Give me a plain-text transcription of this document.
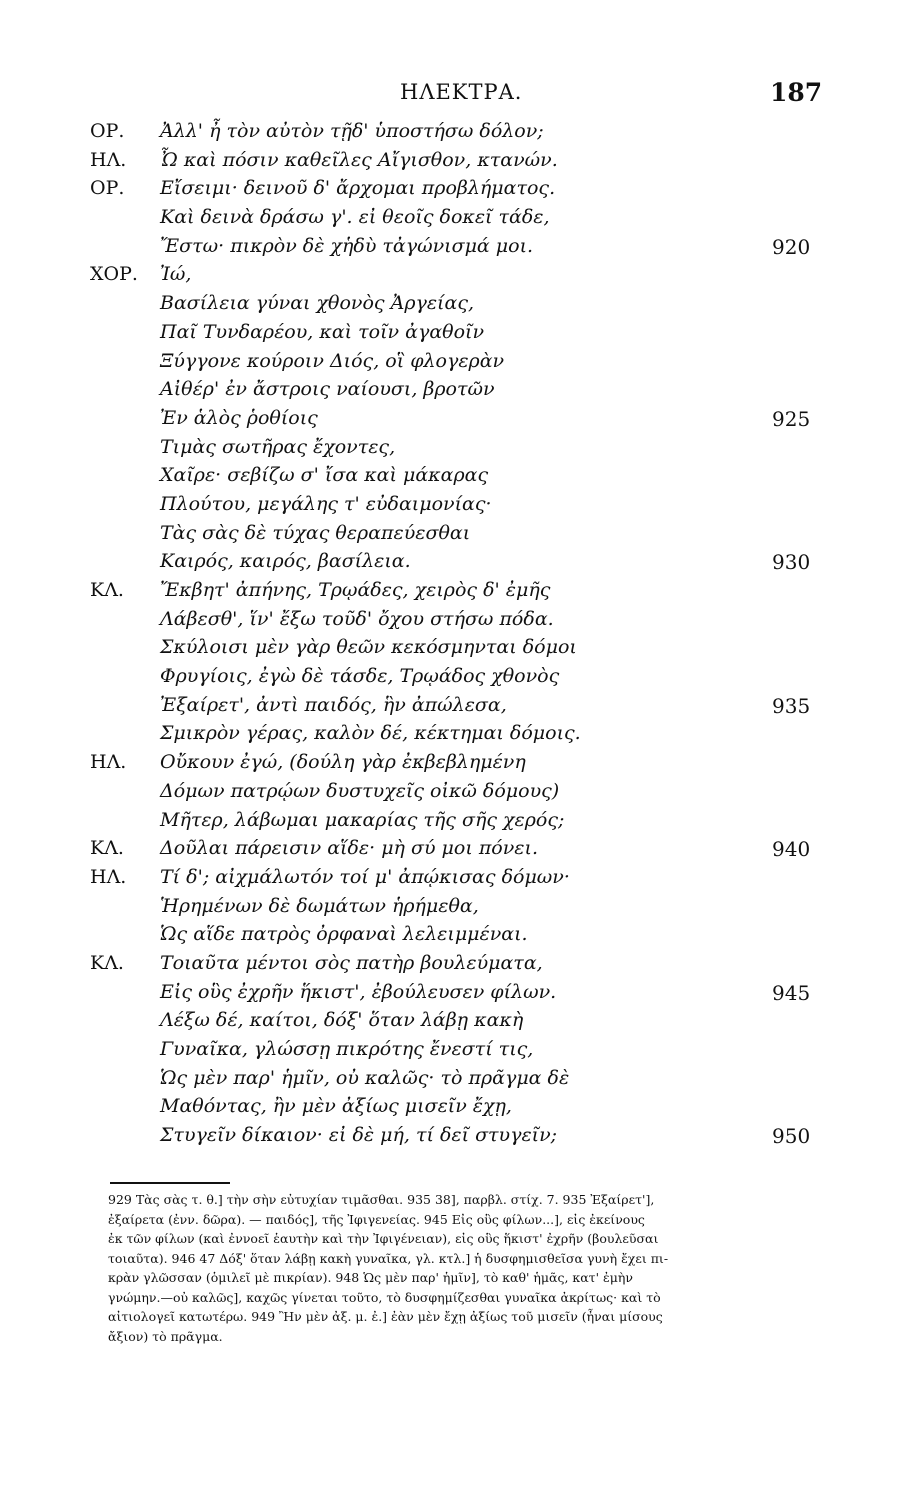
ΗΛΕΚΤΡΑ.	187
ΟΡ. Ἀλλ' ἦ τὸν αὐτὸν τῇδ' ὑποστήσω δόλον;
ΗΛ. Ὦ καὶ πόσιν καθεῖλες Αἴγισθον, κτανών.
ΟΡ. Εἴσειμι· δεινοῦ δ' ἄρχομαι προβλήματος.
Καὶ δεινὰ δράσω γ'. εἰ θεοῖς δοκεῖ τάδε,
Ἔστω· πικρὸν δὲ χἡδὺ τἀγώνισμά μοι.	920
ΧΟΡ. Ἰώ,
Βασίλεια γύναι χθονὸς Ἀργείας,
Παῖ Τυνδαρέου, καὶ τοῖν ἀγαθοῖν
Ξύγγονε κούροιν Διός, οἳ φλογερὰν
Αἰθέρ' ἐν ἄστροις ναίουσι, βροτῶν
Ἐν ἁλὸς ῥοθίοις	925
Τιμὰς σωτῆρας ἔχοντες,
Χαῖρε· σεβίζω σ' ἴσα καὶ μάκαρας
Πλούτου, μεγάλης τ' εὐδαιμονίας·
Τὰς σὰς δὲ τύχας θεραπεύεσθαι
Καιρός, καιρός, βασίλεια.	930
ΚΛ. Ἔκβητ' ἀπήνης, Τρῳάδες, χειρὸς δ' ἐμῆς
Λάβεσθ', ἵν' ἔξω τοῦδ' ὄχου στήσω πόδα.
Σκύλοισι μὲν γὰρ θεῶν κεκόσμηνται δόμοι
Φρυγίοις, ἐγὼ δὲ τάσδε, Τρῳάδος χθονὸς
Ἐξαίρετ', ἀντὶ παιδός, ἣν ἀπώλεσα,	935
Σμικρὸν γέρας, καλὸν δέ, κέκτημαι δόμοις.
ΗΛ. Οὔκουν ἐγώ, (δούλη γὰρ ἐκβεβλημένη
Δόμων πατρῴων δυστυχεῖς οἰκῶ δόμους)
Μῆτερ, λάβωμαι μακαρίας τῆς σῆς χερός;
ΚΛ. Δοῦλαι πάρεισιν αἵδε· μὴ σύ μοι πόνει.	940
ΗΛ. Τί δ'; αἰχμάλωτόν τοί μ' ἀπῴκισας δόμων·
Ἡρημένων δὲ δωμάτων ἡρήμεθα,
Ὡς αἵδε πατρὸς ὀρφαναὶ λελειμμέναι.
ΚΛ. Τοιαῦτα μέντοι σὸς πατὴρ βουλεύματα,
Εἰς οὓς ἐχρῆν ἥκιστ', ἐβούλευσεν φίλων.	945
Λέξω δέ, καίτοι, δόξ' ὅταν λάβῃ κακὴ
Γυναῖκα, γλώσσῃ πικρότης ἔνεστί τις,
Ὡς μὲν παρ' ἡμῖν, οὐ καλῶς· τὸ πρᾶγμα δὲ
Μαθόντας, ἢν μὲν ἀξίως μισεῖν ἔχῃ,
Στυγεῖν δίκαιον· εἰ δὲ μή, τί δεῖ στυγεῖν;	950
929 Τὰς σὰς τ. θ.] τὴν σὴν εὐτυχίαν τιμᾶσθαι. 935 38], παρβλ. στίχ. 7. 935 Ἐξαίρετ'],
ἐξαίρετα (ἐνν. δῶρα). — παιδός], τῆς Ἰφιγενείας. 945 Εἰς οὓς φίλων...], εἰς ἐκείνους
ἐκ τῶν φίλων (καὶ ἐννοεῖ ἑαυτὴν καὶ τὴν Ἰφιγένειαν), εἰς οὓς ἥκιστ' ἐχρῆν (βουλεῦσαι
τοιαῦτα). 946 47 Δόξ' ὅταν λάβῃ κακὴ γυναῖκα, γλ. κτλ.] ἡ δυσφημισθεῖσα γυνὴ ἔχει πι-
κρὰν γλῶσσαν (ὁμιλεῖ μὲ πικρίαν). 948 Ὡς μὲν παρ' ἡμῖν], τὸ καθ' ἡμᾶς, κατ' ἐμὴν
γνώμην.—οὐ καλῶς], καχῶς γίνεται τοῦτο, τὸ δυσφημίζεσθαι γυναῖκα ἀκρίτως· καὶ τὸ
αἰτιολογεῖ κατωτέρω. 949 Ἢν μὲν ἀξ. μ. ἐ.] ἐὰν μὲν ἔχῃ ἀξίως τοῦ μισεῖν (ἦναι μίσους
ἄξιον) τὸ πρᾶγμα.
